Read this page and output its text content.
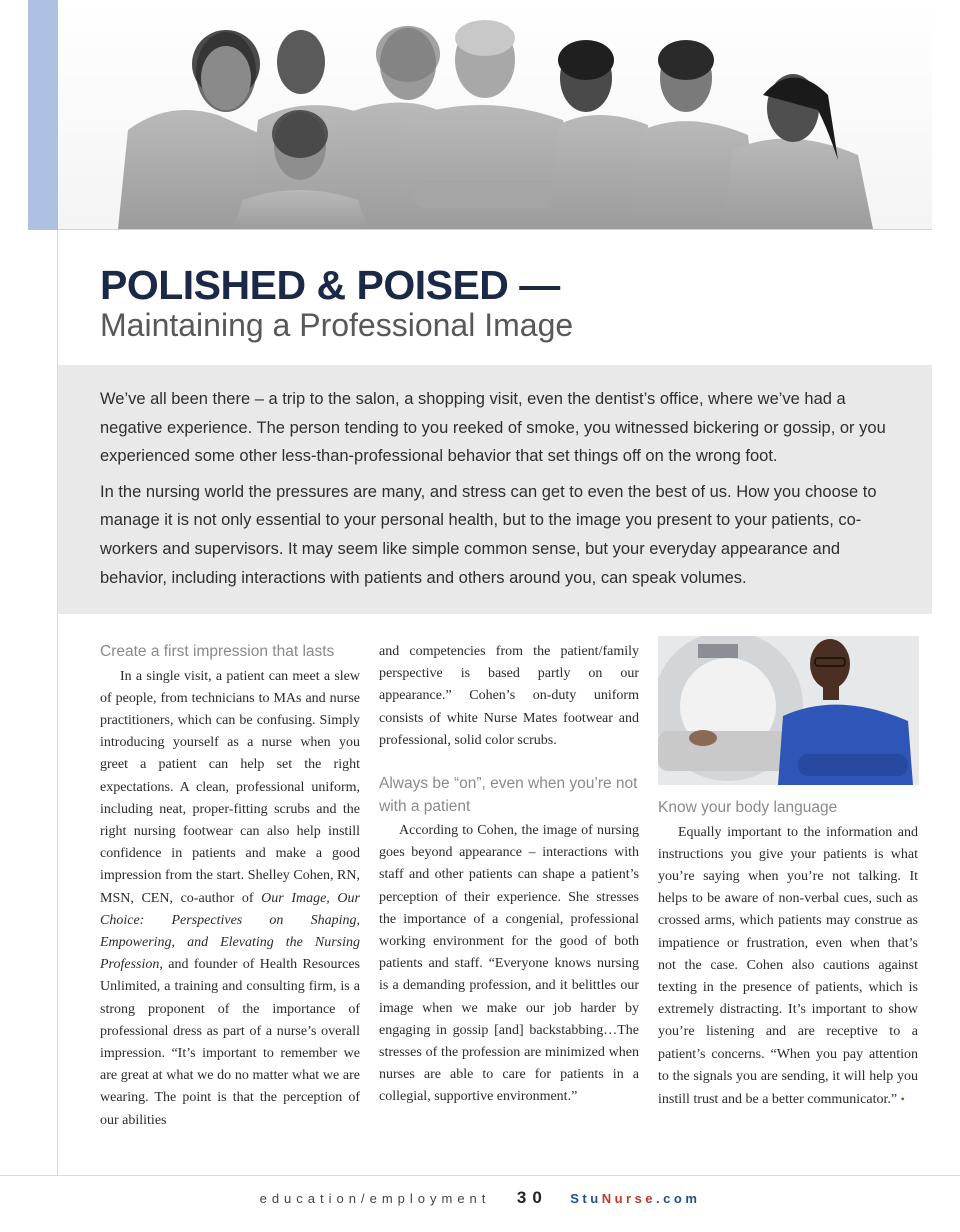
POLISHED & POISED —
Maintaining a Professional Image

We’ve all been there – a trip to the salon, a shopping visit, even the dentist’s office, where we’ve had a negative experience. The person tending to you reeked of smoke, you witnessed bickering or gossip, or you experienced some other less-than-professional behavior that set things off on the wrong foot.

In the nursing world the pressures are many, and stress can get to even the best of us. How you choose to manage it is not only essential to your personal health, but to the image you present to your patients, co-workers and supervisors. It may seem like simple common sense, but your everyday appearance and behavior, including interactions with patients and others around you, can speak volumes.

Create a first impression that lasts

In a single visit, a patient can meet a slew of people, from technicians to MAs and nurse practitioners, which can be confusing. Simply introducing yourself as a nurse when you greet a patient can help set the right expectations. A clean, professional uniform, including neat, proper-fitting scrubs and the right nursing footwear can also help instill confidence in patients and make a good impression from the start. Shelley Cohen, RN, MSN, CEN, co-author of Our Image, Our Choice: Perspectives on Shaping, Empowering, and Elevating the Nursing Profession, and founder of Health Resources Unlimited, a training and consulting firm, is a strong proponent of the importance of professional dress as part of a nurse’s overall impression. “It’s important to remember we are great at what we do no matter what we are wearing. The point is that the perception of our abilities

and competencies from the patient/family perspective is based partly on our appearance.” Cohen’s on-duty uniform consists of white Nurse Mates footwear and professional, solid color scrubs.

Always be “on”, even when you’re not with a patient

According to Cohen, the image of nursing goes beyond appearance – interactions with staff and other patients can shape a patient’s perception of their experience. She stresses the importance of a congenial, professional working environment for the good of both patients and staff. “Everyone knows nursing is a demanding profession, and it belittles our image when we make our job harder by engaging in gossip [and] backstabbing…The stresses of the profession are minimized when nurses are able to care for patients in a collegial, supportive environment.”

Know your body language

Equally important to the information and instructions you give your patients is what you’re saying when you’re not talking. It helps to be aware of non-verbal cues, such as crossed arms, which patients may construe as impatience or frustration, even when that’s not the case. Cohen also cautions against texting in the presence of patients, which is extremely distracting. It’s important to show you’re listening and are receptive to a patient’s concerns. “When you pay attention to the signals you are sending, it will help you instill trust and be a better communicator.” •

education/employment 30 StuNurse.com
